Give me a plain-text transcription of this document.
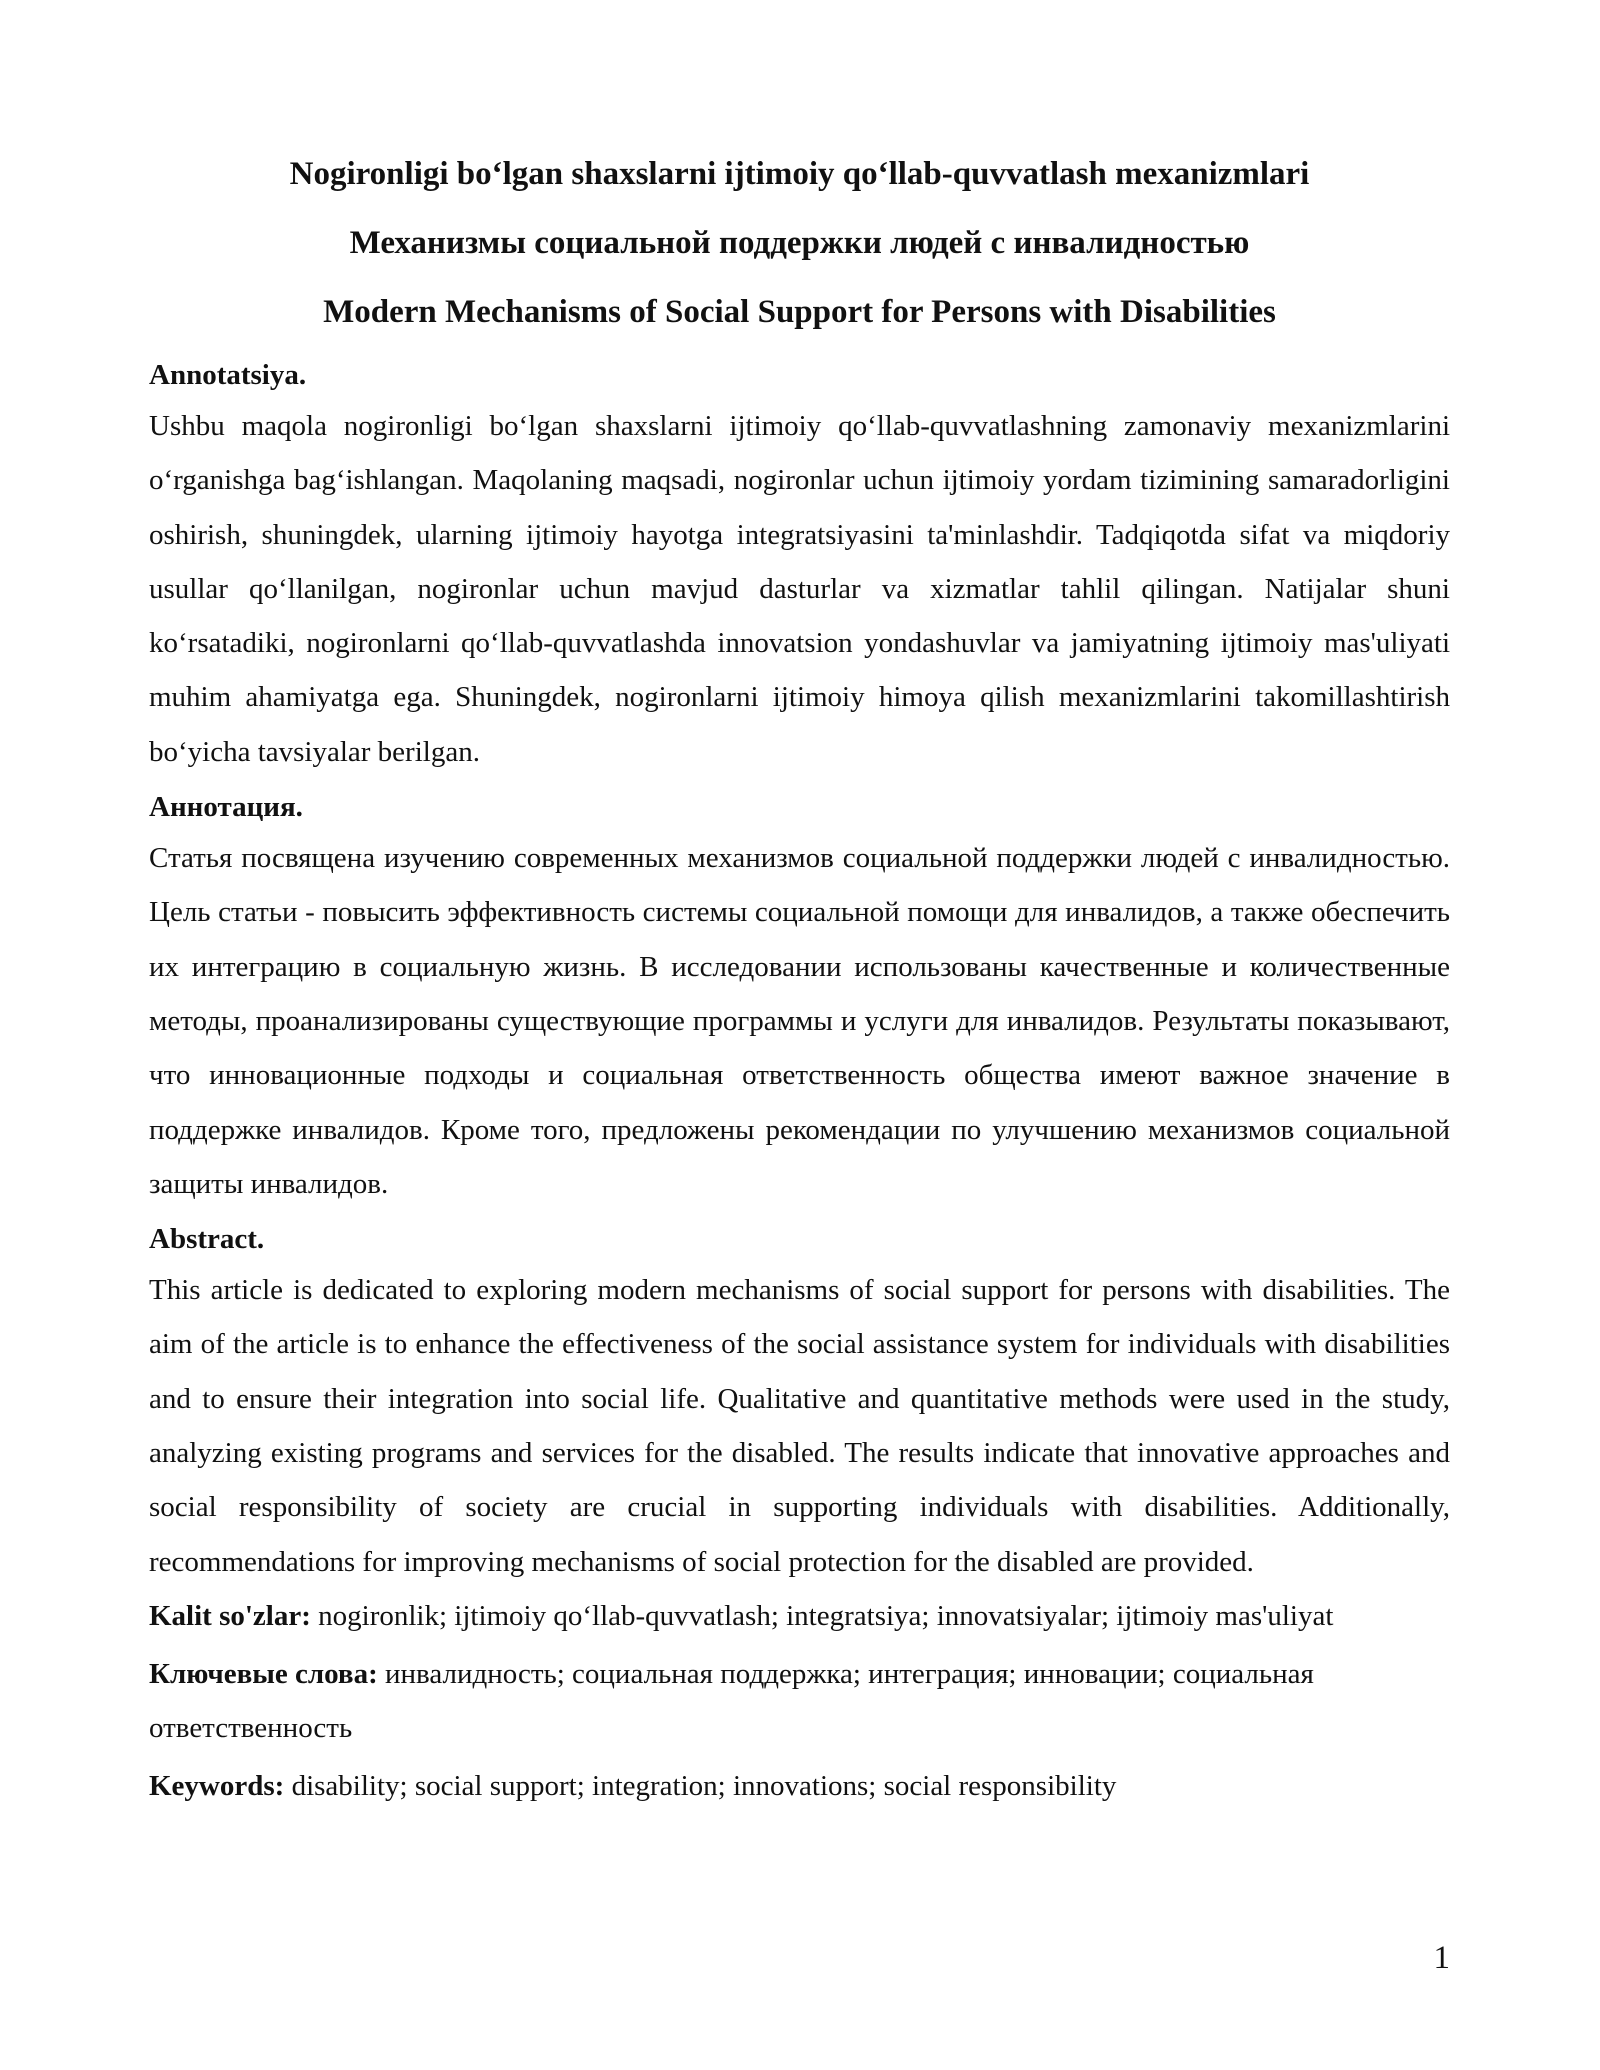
Nogironligi bo‘lgan shaxslarni ijtimoiy qo‘llab-quvvatlash mexanizmlari
Механизмы социальной поддержки людей с инвалидностью
Modern Mechanisms of Social Support for Persons with Disabilities
Annotatsiya.

Ushbu maqola nogironligi bo‘lgan shaxslarni ijtimoiy qo‘llab-quvvatlashning zamonaviy mexanizmlarini o‘rganishga bag‘ishlangan. Maqolaning maqsadi, nogironlar uchun ijtimoiy yordam tizimining samaradorligini oshirish, shuningdek, ularning ijtimoiy hayotga integratsiyasini ta'minlashdir. Tadqiqotda sifat va miqdoriy usullar qo‘llanilgan, nogironlar uchun mavjud dasturlar va xizmatlar tahlil qilingan. Natijalar shuni ko‘rsatadiki, nogironlarni qo‘llab-quvvatlashda innovatsion yondashuvlar va jamiyatning ijtimoiy mas'uliyati muhim ahamiyatga ega. Shuningdek, nogironlarni ijtimoiy himoya qilish mexanizmlarini takomillashtirish bo‘yicha tavsiyalar berilgan.

Аннотация.

Статья посвящена изучению современных механизмов социальной поддержки людей с инвалидностью. Цель статьи - повысить эффективность системы социальной помощи для инвалидов, а также обеспечить их интеграцию в социальную жизнь. В исследовании использованы качественные и количественные методы, проанализированы существующие программы и услуги для инвалидов. Результаты показывают, что инновационные подходы и социальная ответственность общества имеют важное значение в поддержке инвалидов. Кроме того, предложены рекомендации по улучшению механизмов социальной защиты инвалидов.

Abstract.

This article is dedicated to exploring modern mechanisms of social support for persons with disabilities. The aim of the article is to enhance the effectiveness of the social assistance system for individuals with disabilities and to ensure their integration into social life. Qualitative and quantitative methods were used in the study, analyzing existing programs and services for the disabled. The results indicate that innovative approaches and social responsibility of society are crucial in supporting individuals with disabilities. Additionally, recommendations for improving mechanisms of social protection for the disabled are provided.

Kalit so'zlar: nogironlik; ijtimoiy qo‘llab-quvvatlash; integratsiya; innovatsiyalar; ijtimoiy mas'uliyat

Ключевые слова: инвалидность; социальная поддержка; интеграция; инновации; социальная ответственность

Keywords: disability; social support; integration; innovations; social responsibility

1
